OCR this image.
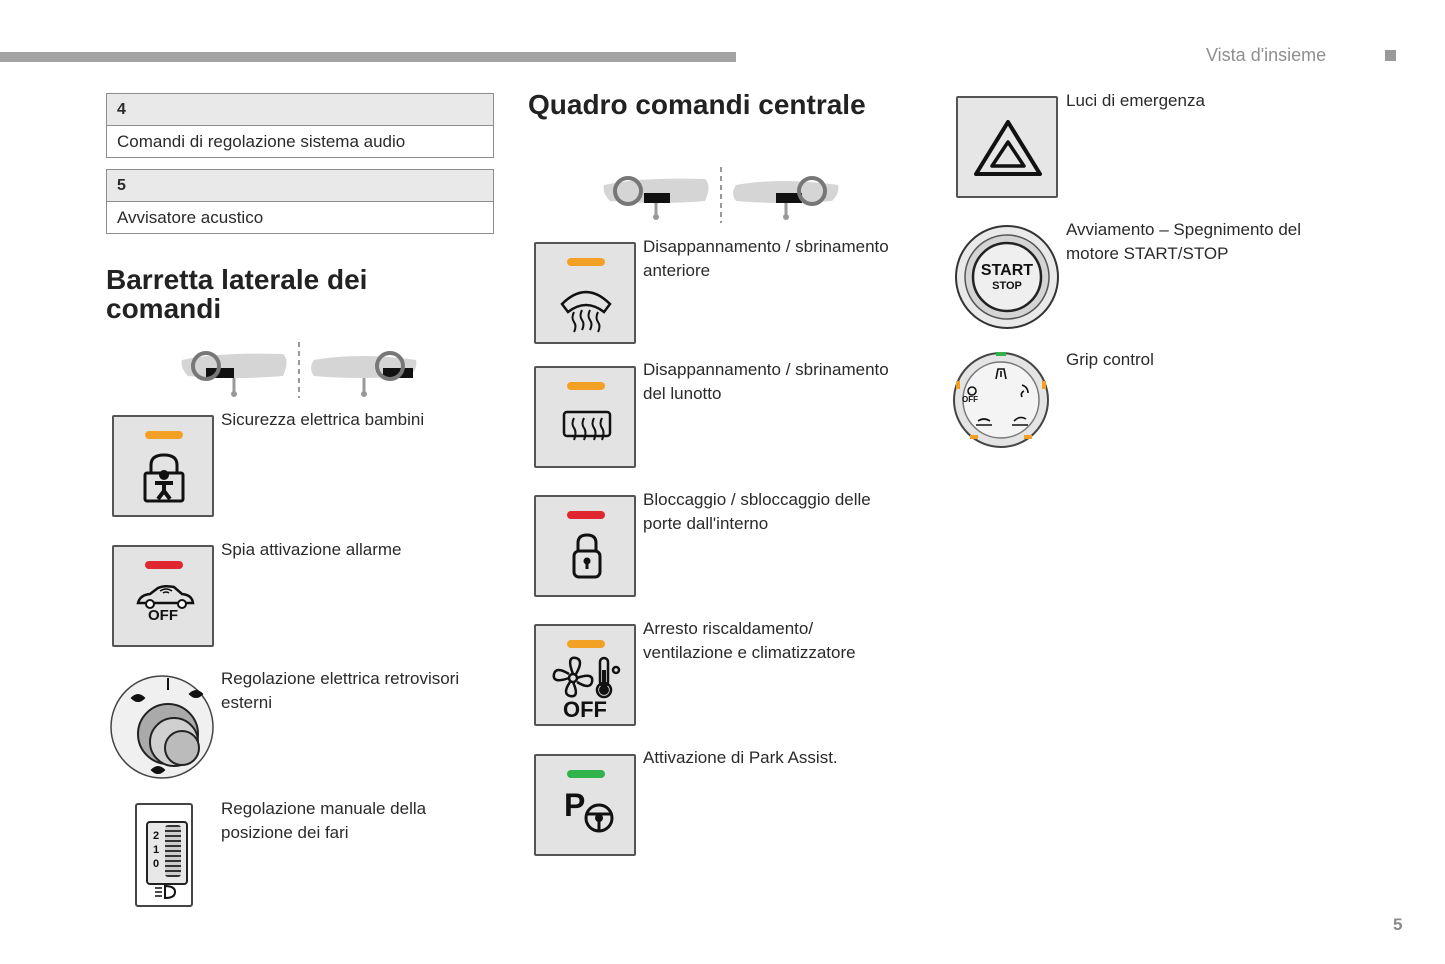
Vista d'insieme
4
Comandi di regolazione sistema audio
5
Avvisatore acustico
Barretta laterale dei
comandi
Sicurezza elettrica bambini
OFF
Spia attivazione allarme
Regolazione elettrica retrovisori
esterni
2
1
0
Regolazione manuale della
posizione dei fari
Quadro comandi centrale
Disappannamento / sbrinamento
anteriore
Disappannamento / sbrinamento
del lunotto
Bloccaggio / sbloccaggio delle
porte dall'interno
OFF
Arresto riscaldamento/
ventilazione e climatizzatore
P
Attivazione di Park Assist.
Luci di emergenza
START
STOP
Avviamento – Spegnimento del
motore START/STOP
OFF
Grip control
5
